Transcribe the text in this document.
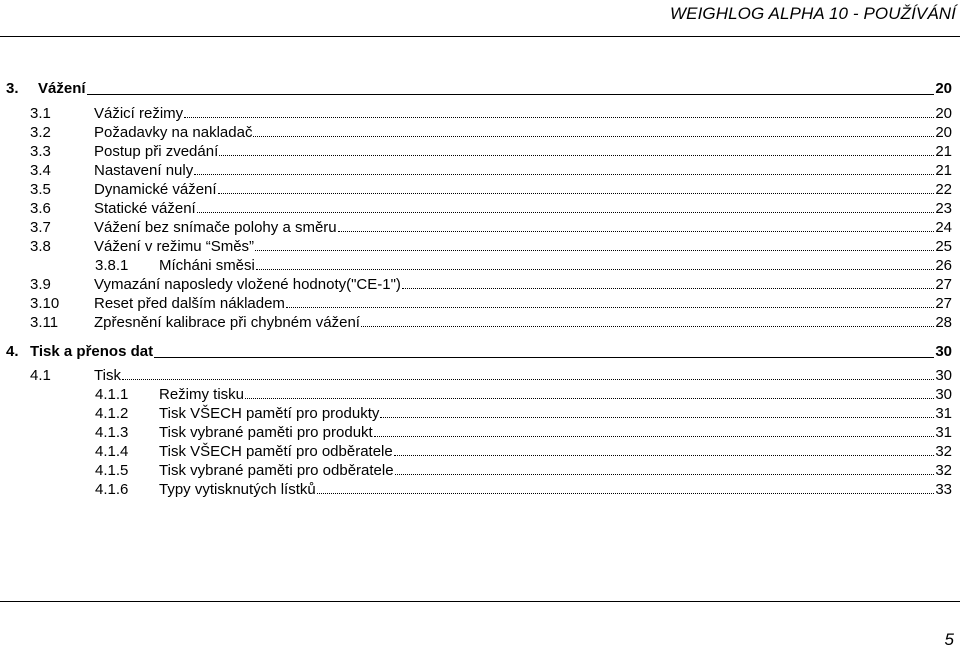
WEIGHLOG ALPHA 10 - POUŽÍVÁNÍ
3.	Vážení	20
3.1	Vážicí režimy	20
3.2	Požadavky na nakladač	20
3.3	Postup při zvedání	21
3.4	Nastavení nuly	21
3.5	Dynamické vážení	22
3.6	Statické vážení	23
3.7	Vážení bez snímače polohy a směru	24
3.8	Vážení v režimu “Směs”	25
3.8.1	Mícháni směsi	26
3.9	Vymazání naposledy vložené hodnoty("CE-1")	27
3.10	Reset před dalším nákladem	27
3.11	Zpřesnění kalibrace při chybném vážení	28
4. Tisk a přenos dat	30
4.1	Tisk	30
4.1.1	Režimy tisku	30
4.1.2	Tisk VŠECH pamětí pro produkty	31
4.1.3	Tisk vybrané paměti pro produkt	31
4.1.4	Tisk VŠECH pamětí pro odběratele	32
4.1.5	Tisk vybrané paměti pro odběratele	32
4.1.6	Typy vytisknutých lístků	33
5
